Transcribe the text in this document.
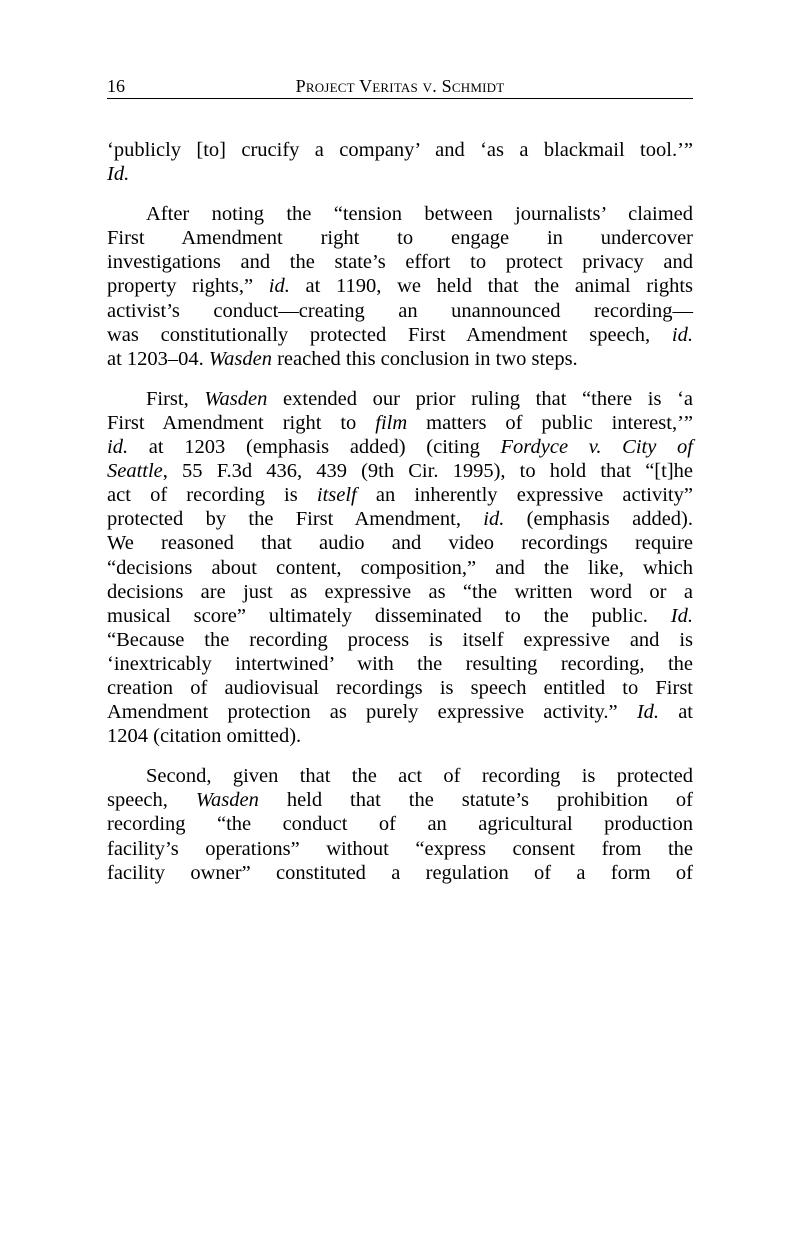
16	Project Veritas v. Schmidt
‘publicly [to] crucify a company’ and ‘as a blackmail tool.’”
Id.
After noting the “tension between journalists’ claimed
First Amendment right to engage in undercover
investigations and the state’s effort to protect privacy and
property rights,” id. at 1190, we held that the animal rights
activist’s conduct—creating an unannounced recording—
was constitutionally protected First Amendment speech, id.
at 1203–04. Wasden reached this conclusion in two steps.
First, Wasden extended our prior ruling that “there is ‘a
First Amendment right to film matters of public interest,’”
id. at 1203 (emphasis added) (citing Fordyce v. City of
Seattle, 55 F.3d 436, 439 (9th Cir. 1995), to hold that “[t]he
act of recording is itself an inherently expressive activity”
protected by the First Amendment, id. (emphasis added).
We reasoned that audio and video recordings require
“decisions about content, composition,” and the like, which
decisions are just as expressive as “the written word or a
musical score” ultimately disseminated to the public. Id.
“Because the recording process is itself expressive and is
‘inextricably intertwined’ with the resulting recording, the
creation of audiovisual recordings is speech entitled to First
Amendment protection as purely expressive activity.” Id. at
1204 (citation omitted).
Second, given that the act of recording is protected
speech, Wasden held that the statute’s prohibition of
recording “the conduct of an agricultural production
facility’s operations” without “express consent from the
facility owner” constituted a regulation of a form of
